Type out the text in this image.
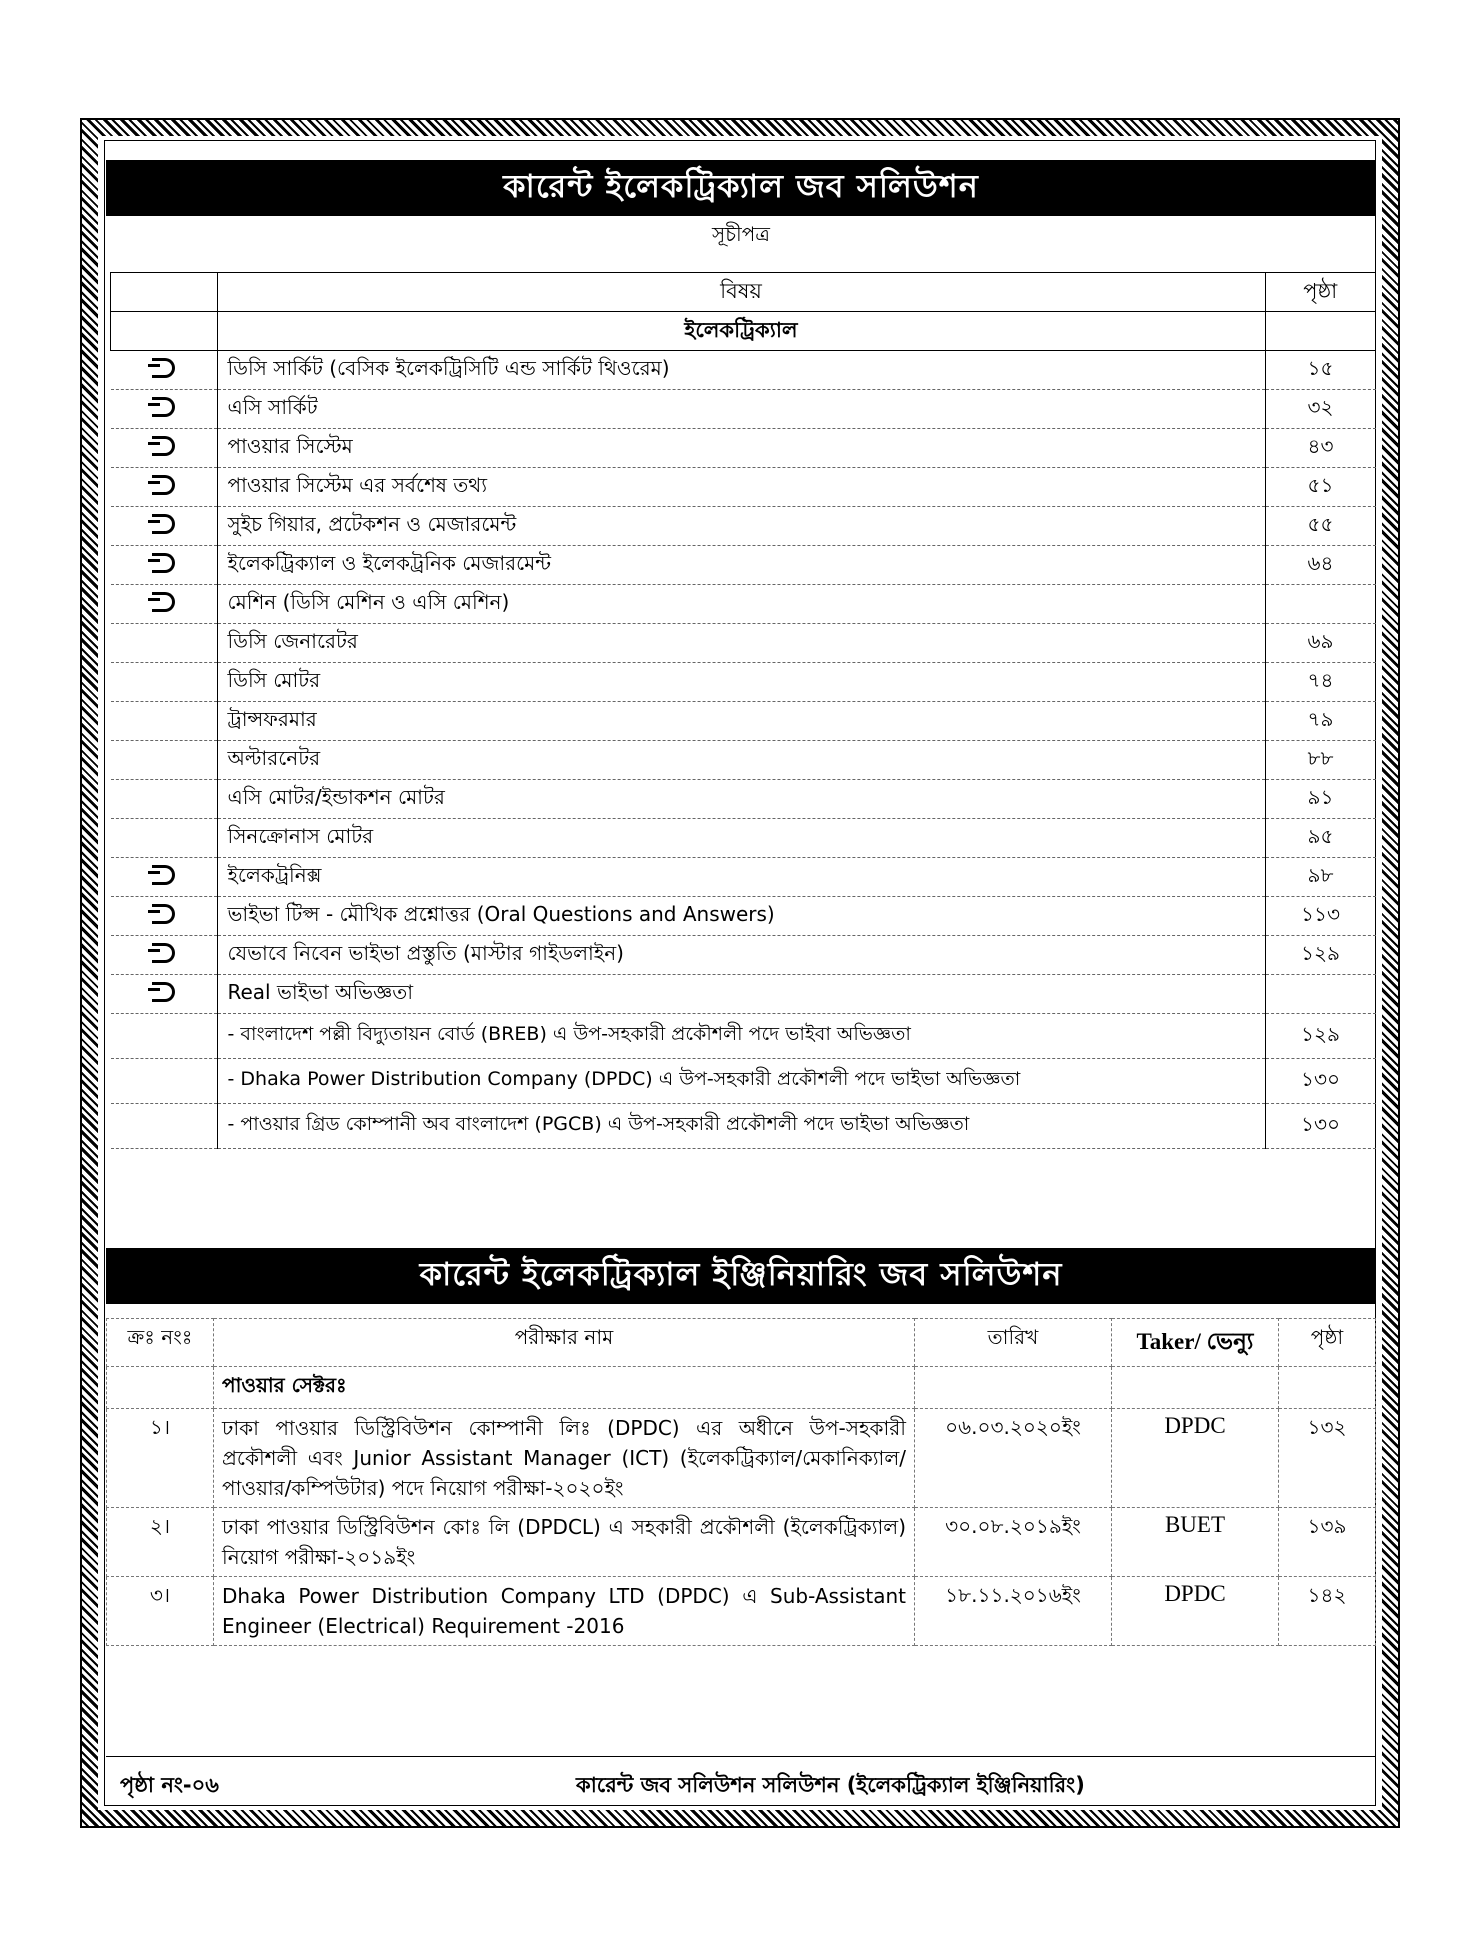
কারেন্ট ইলেকট্রিক্যাল জব সলিউশন
সূচীপত্র
	বিষয়	পৃষ্ঠা
	ইলেকট্রিক্যাল	
	ডিসি সার্কিট (বেসিক ইলেকট্রিসিটি এন্ড সার্কিট থিওরেম)	১৫
	এসি সার্কিট	৩২
	পাওয়ার সিস্টেম	৪৩
	পাওয়ার সিস্টেম এর সর্বশেষ তথ্য	৫১
	সুইচ গিয়ার, প্রটেকশন ও মেজারমেন্ট	৫৫
	ইলেকট্রিক্যাল ও ইলেকট্রনিক মেজারমেন্ট	৬৪
	মেশিন (ডিসি মেশিন ও এসি মেশিন)	
	ডিসি জেনারেটর	৬৯
	ডিসি মোটর	৭৪
	ট্রান্সফরমার	৭৯
	অল্টারনেটর	৮৮
	এসি মোটর/ইন্ডাকশন মোটর	৯১
	সিনক্রোনাস মোটর	৯৫
	ইলেকট্রনিক্স	৯৮
	ভাইভা টিপ্স - মৌখিক প্রশ্নোত্তর (Oral Questions and Answers)	১১৩
	যেভাবে নিবেন ভাইভা প্রস্তুতি (মাস্টার গাইডলাইন)	১২৯
	Real ভাইভা অভিজ্ঞতা	
	- বাংলাদেশ পল্লী বিদ্যুতায়ন বোর্ড (BREB) এ উপ-সহকারী প্রকৌশলী পদে ভাইবা অভিজ্ঞতা	১২৯
	- Dhaka Power Distribution Company (DPDC) এ উপ-সহকারী প্রকৌশলী পদে ভাইভা অভিজ্ঞতা	১৩০
	- পাওয়ার গ্রিড কোম্পানী অব বাংলাদেশ (PGCB) এ উপ-সহকারী প্রকৌশলী পদে ভাইভা অভিজ্ঞতা	১৩০
কারেন্ট ইলেকট্রিক্যাল ইঞ্জিনিয়ারিং জব সলিউশন
ক্রঃ নংঃ	পরীক্ষার নাম	তারিখ	Taker/ ভেন্যু	পৃষ্ঠা
	পাওয়ার সেক্টরঃ			
১।	ঢাকা পাওয়ার ডিস্ট্রিবিউশন কোম্পানী লিঃ (DPDC) এর অধীনে উপ-সহকারী প্রকৌশলী এবং Junior Assistant Manager (ICT) (ইলেকট্রিক্যাল/মেকানিক্যাল/পাওয়ার/কম্পিউটার) পদে নিয়োগ পরীক্ষা-২০২০ইং	০৬.০৩.২০২০ইং	DPDC	১৩২
২।	ঢাকা পাওয়ার ডিস্ট্রিবিউশন কোঃ লি (DPDCL) এ সহকারী প্রকৌশলী (ইলেকট্রিক্যাল) নিয়োগ পরীক্ষা-২০১৯ইং	৩০.০৮.২০১৯ইং	BUET	১৩৯
৩।	Dhaka Power Distribution Company LTD (DPDC) এ Sub-Assistant Engineer (Electrical) Requirement -2016	১৮.১১.২০১৬ইং	DPDC	১৪২
পৃষ্ঠা নং-০৬	কারেন্ট জব সলিউশন সলিউশন (ইলেকট্রিক্যাল ইঞ্জিনিয়ারিং)
